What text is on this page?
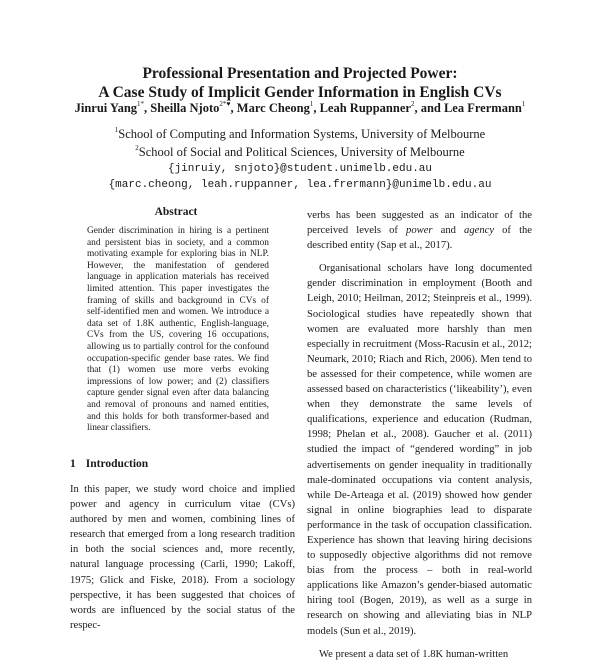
Professional Presentation and Projected Power:
A Case Study of Implicit Gender Information in English CVs
Jinrui Yang$^{1*}$, Sheilla Njoto$^{2*♥}$, Marc Cheong$^1$, Leah Ruppanner$^2$, and Lea Frermann$^1$
$^1$School of Computing and Information Systems, University of Melbourne
$^2$School of Social and Political Sciences, University of Melbourne
{jinruiy, snjoto}@student.unimelb.edu.au
{marc.cheong, leah.ruppanner, lea.frermann}@unimelb.edu.au
Abstract
Gender discrimination in hiring is a pertinent and persistent bias in society, and a common motivating example for exploring bias in NLP. However, the manifestation of gendered language in application materials has received limited attention. This paper investigates the framing of skills and background in CVs of self-identified men and women. We introduce a data set of 1.8K authentic, English-language, CVs from the US, covering 16 occupations, allowing us to partially control for the confound occupation-specific gender base rates. We find that (1) women use more verbs evoking impressions of low power; and (2) classifiers capture gender signal even after data balancing and removal of pronouns and named entities, and this holds for both transformer-based and linear classifiers.
1 Introduction
In this paper, we study word choice and implied power and agency in curriculum vitae (CVs) authored by men and women, combining lines of research that emerged from a long research tradition in both the social sciences and, more recently, natural language processing (Carli, 1990; Lakoff, 1975; Glick and Fiske, 2018). From a sociology perspective, it has been suggested that choices of words are influenced by the social status of the respec-

verbs has been suggested as an indicator of the perceived levels of power and agency of the described entity (Sap et al., 2017).

Organisational scholars have long documented gender discrimination in employment (Booth and Leigh, 2010; Heilman, 2012; Steinpreis et al., 1999). Sociological studies have repeatedly shown that women are evaluated more harshly than men especially in recruitment (Moss-Racusin et al., 2012; Neumark, 2010; Riach and Rich, 2006). Men tend to be assessed for their competence, while women are assessed based on characteristics (‘likeability’), even when they demonstrate the same levels of qualifications, experience and education (Rudman, 1998; Phelan et al., 2008). Gaucher et al. (2011) studied the impact of “gendered wording” in job advertisements on gender inequality in traditionally male-dominated occupations via content analysis, while De-Arteaga et al. (2019) showed how gender signal in online biographies lead to disparate performance in the task of occupation classification. Experience has shown that leaving hiring decisions to supposedly objective algorithms did not remove bias from the process – both in real-world applications like Amazon’s gender-biased automatic hiring tool (Bogen, 2019), as well as a surge in research on showing and alleviating bias in NLP models (Sun et al., 2019).

We present a data set of 1.8K human-written
